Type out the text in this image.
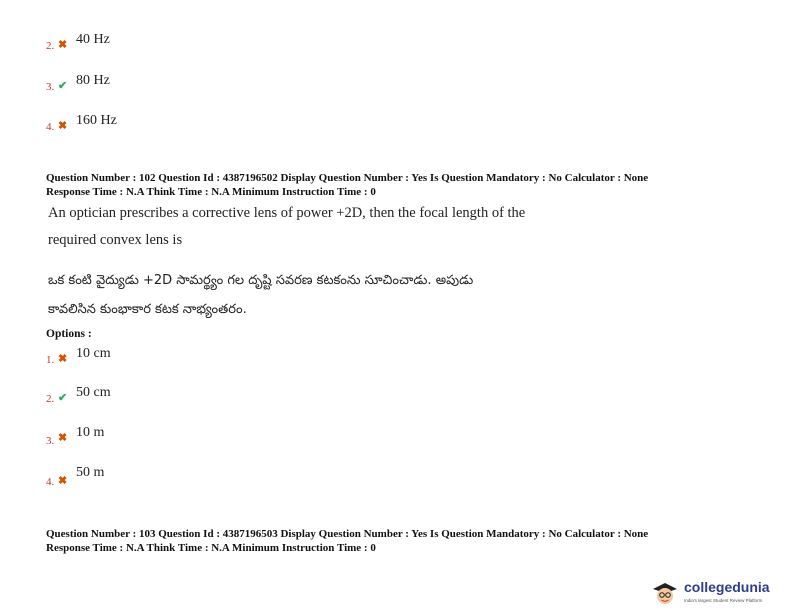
2. ✖ 40 Hz
3. ✔ 80 Hz
4. ✖ 160 Hz
Question Number : 102 Question Id : 4387196502 Display Question Number : Yes Is Question Mandatory : No Calculator : None
Response Time : N.A Think Time : N.A Minimum Instruction Time : 0
An optician prescribes a corrective lens of power +2D, then the focal length of the
required convex lens is
ఒక కంటి వైద్యుడు +2D సామర్థ్యం గల దృష్టి సవరణ కటకంను సూచించాడు. అపుడు
కావలిసిన కుంభాకార కటక నాభ్యంతరం.
Options :
1. ✖ 10 cm
2. ✔ 50 cm
3. ✖ 10 m
4. ✖
50 m
Question Number : 103 Question Id : 4387196503 Display Question Number : Yes Is Question Mandatory : No Calculator : None
Response Time : N.A Think Time : N.A Minimum Instruction Time : 0
collegedunia
India's largest Student Review Platform
